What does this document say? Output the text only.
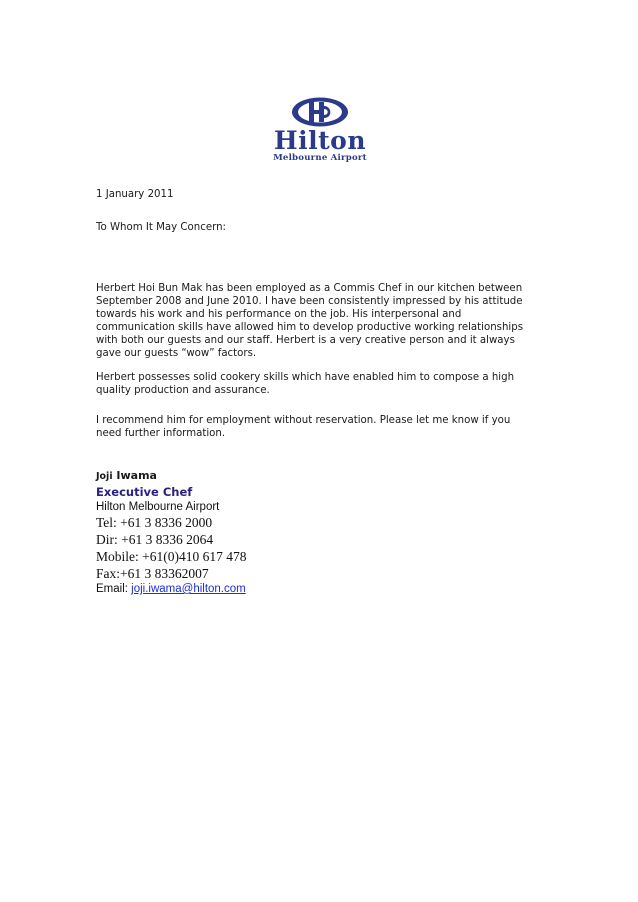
Hilton
Melbourne Airport

1 January 2011

To Whom It May Concern:

Herbert Hoi Bun Mak has been employed as a Commis Chef in our kitchen between September 2008 and June 2010. I have been consistently impressed by his attitude towards his work and his performance on the job. His interpersonal and communication skills have allowed him to develop productive working relationships with both our guests and our staff. Herbert is a very creative person and it always gave our guests “wow” factors.

Herbert possesses solid cookery skills which have enabled him to compose a high quality production and assurance.

I recommend him for employment without reservation. Please let me know if you need further information.

Joji Iwama
Executive Chef
Hilton Melbourne Airport
Tel: +61 3 8336 2000
Dir: +61 3 8336 2064
Mobile: +61(0)410 617 478
Fax:+61 3 83362007
Email: joji.iwama@hilton.com
